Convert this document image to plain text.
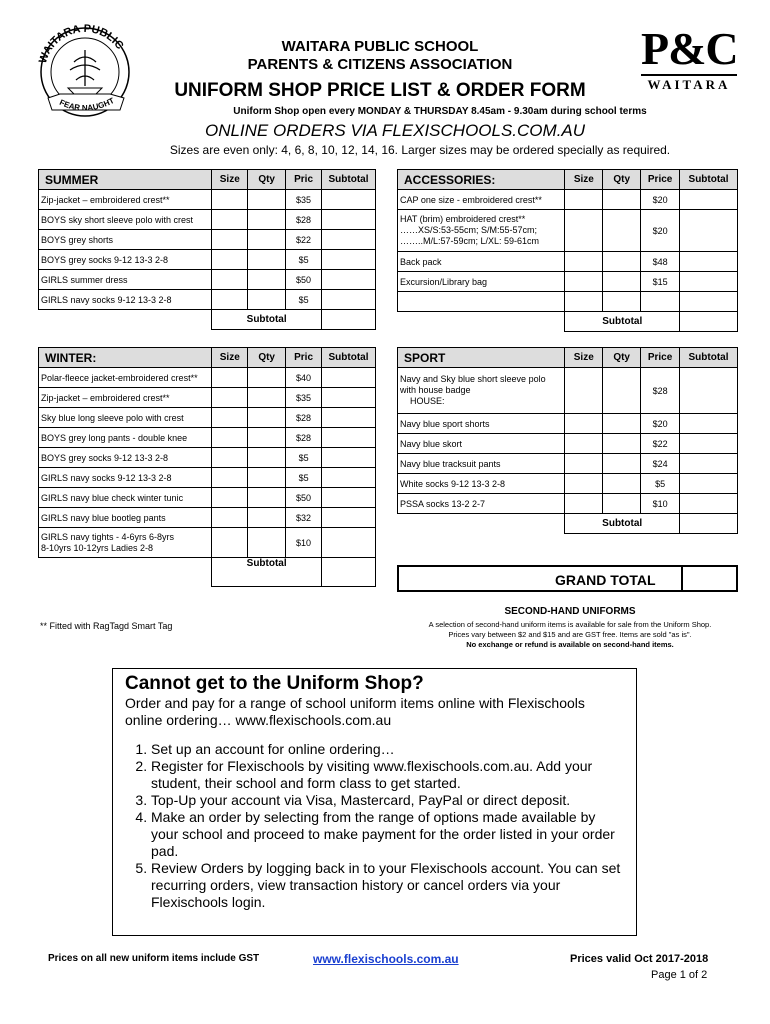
WAITARA PUBLIC
FEAR NAUGHT
P&C
WAITARA
WAITARA PUBLIC SCHOOL
PARENTS & CITIZENS ASSOCIATION
UNIFORM SHOP PRICE LIST & ORDER FORM
Uniform Shop open every MONDAY & THURSDAY 8.45am - 9.30am during school terms
ONLINE ORDERS VIA FLEXISCHOOLS.COM.AU
Sizes are even only: 4, 6, 8, 10, 12, 14, 16. Larger sizes may be ordered specially as required.
SUMMER	Size	Qty	Pric	Subtotal
Zip-jacket – embroidered crest**			$35	
BOYS sky short sleeve polo with crest			$28	
BOYS grey shorts			$22	
BOYS grey socks 9-12 13-3 2-8			$5	
GIRLS summer dress			$50	
GIRLS navy socks 9-12 13-3 2-8			$5	
	Subtotal			
ACCESSORIES:	Size	Qty	Price	Subtotal
CAP one size - embroidered crest**			$20	

HAT (brim) embroidered crest**
……XS/S:53-55cm; S/M:55-57cm;
……..M/L:57-59cm; L/XL: 59-61cm			$20	
Back pack			$48	
Excursion/Library bag			$15	

	Subtotal			
WINTER:	Size	Qty	Pric	Subtotal
Polar-fleece jacket-embroidered crest**			$40	
Zip-jacket – embroidered crest**			$35	
Sky blue long sleeve polo with crest			$28	
BOYS grey long pants - double knee			$28	
BOYS grey socks 9-12 13-3 2-8			$5	
GIRLS navy socks 9-12 13-3 2-8			$5	
GIRLS navy blue check winter tunic			$50	
GIRLS navy blue bootleg pants			$32	

GIRLS navy tights - 4-6yrs 6-8yrs
8-10yrs 10-12yrs Ladies 2-8			$10	
	Subtotal			
SPORT	Size	Qty	Price	Subtotal

Navy and Sky blue short sleeve polo
with house badge
HOUSE:			$28	
Navy blue sport shorts			$20	
Navy blue skort			$22	
Navy blue tracksuit pants			$24	
White socks 9-12 13-3 2-8			$5	
PSSA socks 13-2 2-7			$10	
	Subtotal			
GRAND TOTAL
** Fitted with RagTagd Smart Tag
SECOND-HAND UNIFORMS
A selection of second-hand uniform items is available for sale from the Uniform Shop.
Prices vary between $2 and $15 and are GST free. Items are sold "as is".
No exchange or refund is available on second-hand items.
Cannot get to the Uniform Shop?
Order and pay for a range of school uniform items online with Flexischools online ordering… www.flexischools.com.au
1. Set up an account for online ordering…
2. Register for Flexischools by visiting www.flexischools.com.au. Add your student, their school and form class to get started.
3. Top-Up your account via Visa, Mastercard, PayPal or direct deposit.
4. Make an order by selecting from the range of options made available by your school and proceed to make payment for the order listed in your order pad.
5. Review Orders by logging back in to your Flexischools account. You can set recurring orders, view transaction history or cancel orders via your Flexischools login.
Prices on all new uniform items include GST	www.flexischools.com.au	Prices valid Oct 2017-2018
Page 1 of 2
